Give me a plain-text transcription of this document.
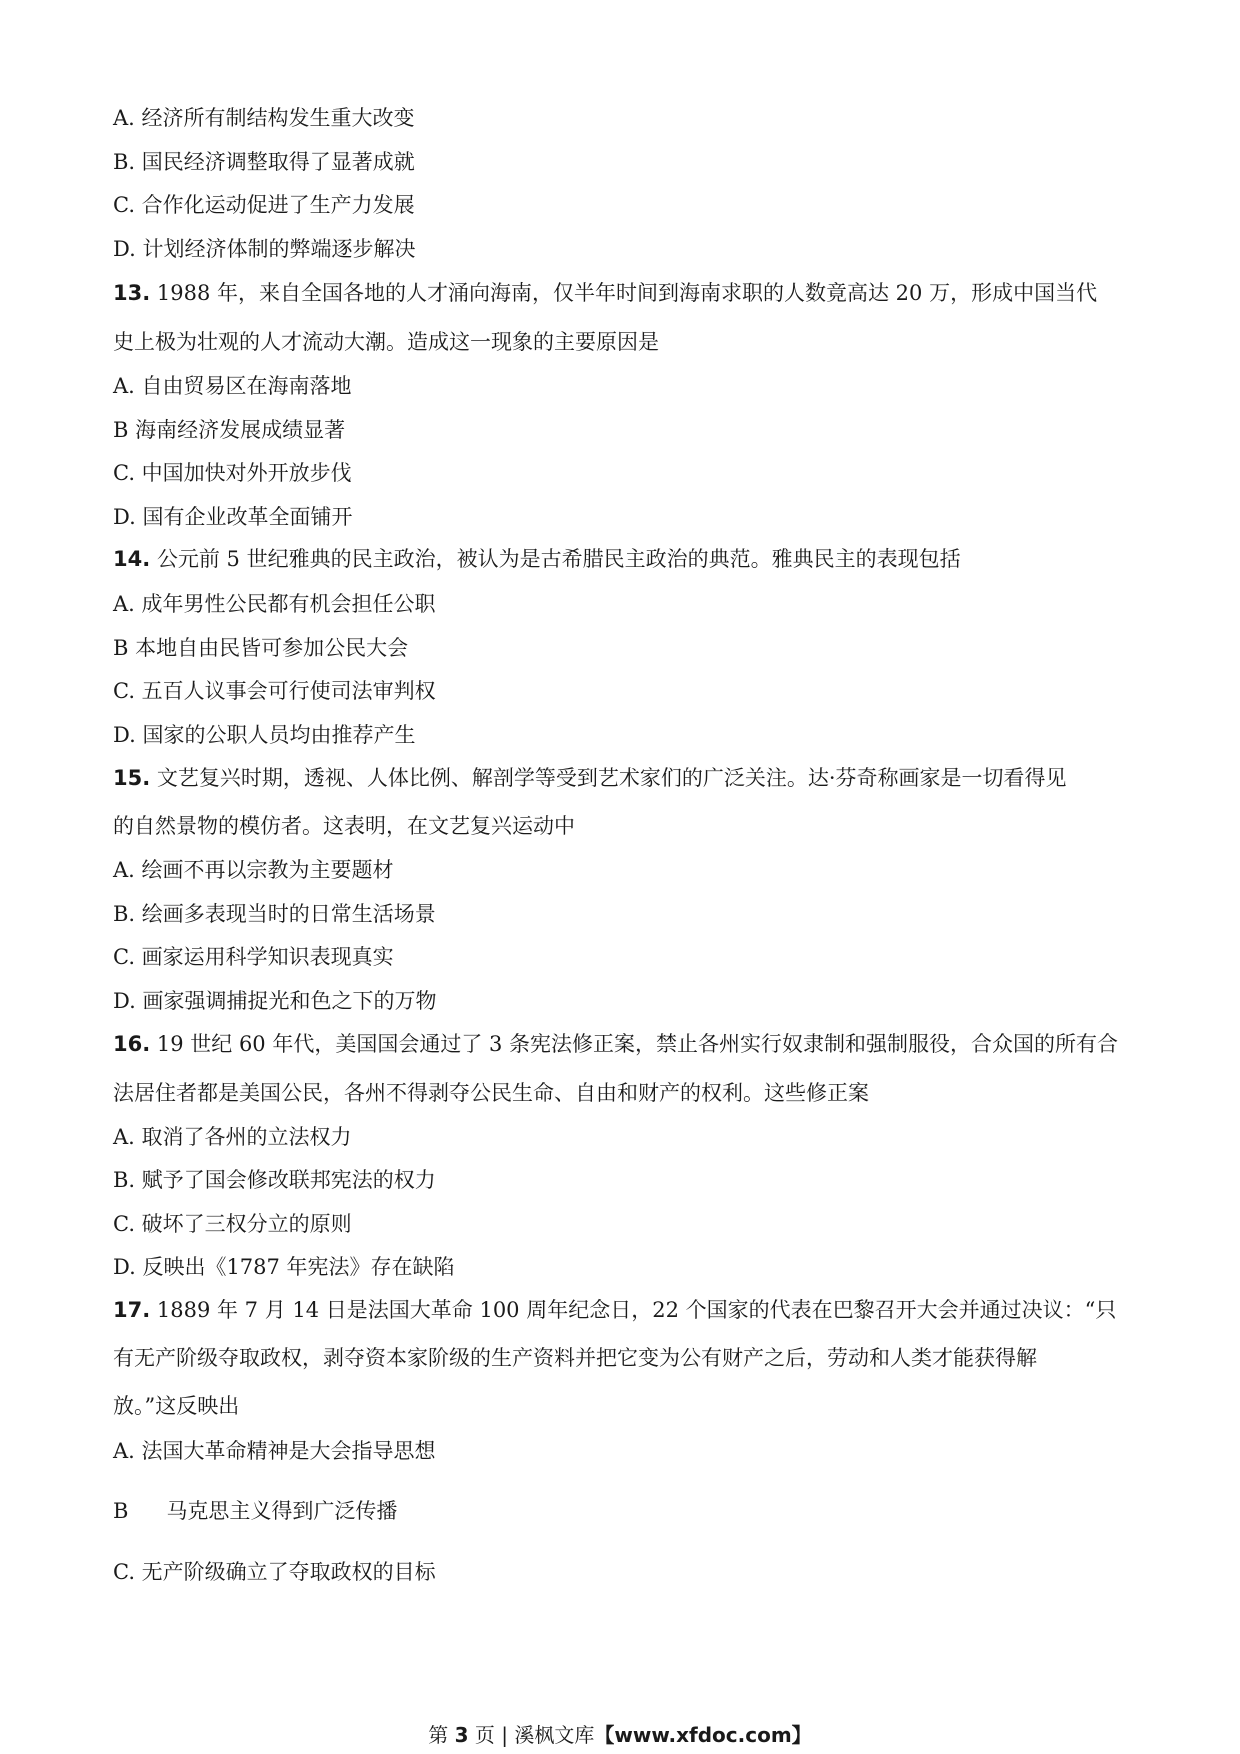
A. 经济所有制结构发生重大改变
B. 国民经济调整取得了显著成就
C. 合作化运动促进了生产力发展
D. 计划经济体制的弊端逐步解决
13. 1988 年，来自全国各地的人才涌向海南，仅半年时间到海南求职的人数竟高达 20 万，形成中国当代
史上极为壮观的人才流动大潮。造成这一现象的主要原因是
A. 自由贸易区在海南落地
B 海南经济发展成绩显著
C. 中国加快对外开放步伐
D. 国有企业改革全面铺开
14. 公元前 5 世纪雅典的民主政治，被认为是古希腊民主政治的典范。雅典民主的表现包括
A. 成年男性公民都有机会担任公职
B 本地自由民皆可参加公民大会
C. 五百人议事会可行使司法审判权
D. 国家的公职人员均由推荐产生
15. 文艺复兴时期，透视、人体比例、解剖学等受到艺术家们的广泛关注。达·芬奇称画家是一切看得见
的自然景物的模仿者。这表明，在文艺复兴运动中
A. 绘画不再以宗教为主要题材
B. 绘画多表现当时的日常生活场景
C. 画家运用科学知识表现真实
D. 画家强调捕捉光和色之下的万物
16. 19 世纪 60 年代，美国国会通过了 3 条宪法修正案，禁止各州实行奴隶制和强制服役，合众国的所有合
法居住者都是美国公民，各州不得剥夺公民生命、自由和财产的权利。这些修正案
A. 取消了各州的立法权力
B. 赋予了国会修改联邦宪法的权力
C. 破坏了三权分立的原则
D. 反映出《1787 年宪法》存在缺陷
17. 1889 年 7 月 14 日是法国大革命 100 周年纪念日，22 个国家的代表在巴黎召开大会并通过决议：“只
有无产阶级夺取政权，剥夺资本家阶级的生产资料并把它变为公有财产之后，劳动和人类才能获得解
放。”这反映出
A. 法国大革命精神是大会指导思想
B 马克思主义得到广泛传播
C. 无产阶级确立了夺取政权的目标
第 3 页 | 溪枫文库【www.xfdoc.com】
